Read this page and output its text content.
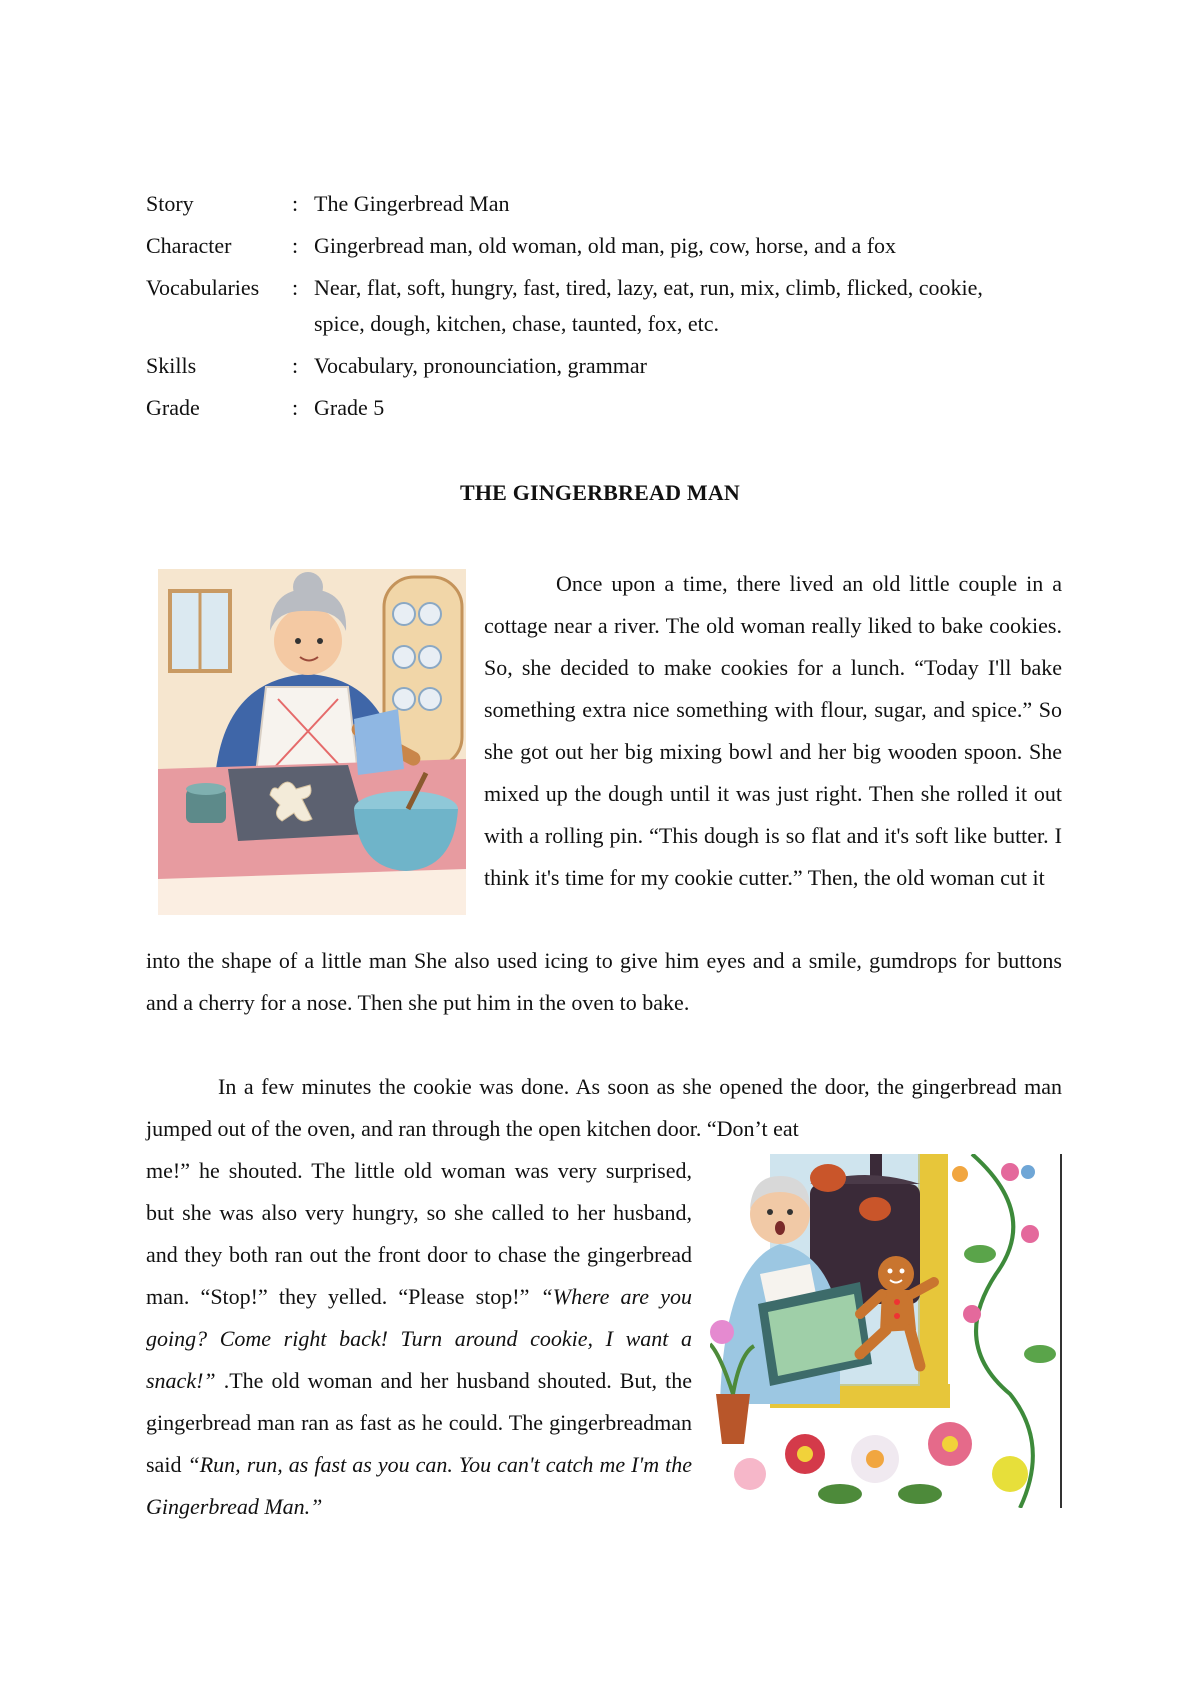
Story	: The Gingerbread Man
Character	: Gingerbread man, old woman, old man, pig, cow, horse, and a fox
Vocabularies	: Near, flat, soft, hungry, fast, tired, lazy, eat, run, mix, climb, flicked, cookie,
spice, dough, kitchen, chase, taunted, fox, etc.
Skills	: Vocabulary, pronounciation, grammar
Grade	: Grade 5
THE GINGERBREAD MAN

Once upon a time, there lived an old little couple in a cottage near a river. The old woman really liked to bake cookies. So, she decided to make cookies for a lunch. “Today I'll bake something extra nice something with flour, sugar, and spice.” So she got out her big mixing bowl and her big wooden spoon. She mixed up the dough until it was just right. Then she rolled it out with a rolling pin. “This dough is so flat and it's soft like butter. I think it's time for my cookie cutter.” Then, the old woman cut it

into the shape of a little man She also used icing to give him eyes and a smile, gumdrops for buttons and a cherry for a nose. Then she put him in the oven to bake.

In a few minutes the cookie was done. As soon as she opened the door, the gingerbread man jumped out of the oven, and ran through the open kitchen door. “Don’t eat

me!” he shouted. The little old woman was very surprised, but she was also very hungry, so she called to her husband, and they both ran out the front door to chase the gingerbread man. “Stop!” they yelled. “Please stop!” “Where are you going? Come right back! Turn around cookie, I want a snack!” .The old woman and her husband shouted. But, the gingerbread man ran as fast as he could. The gingerbreadman said “Run, run, as fast as you can. You can't catch me I'm the Gingerbread Man.”
